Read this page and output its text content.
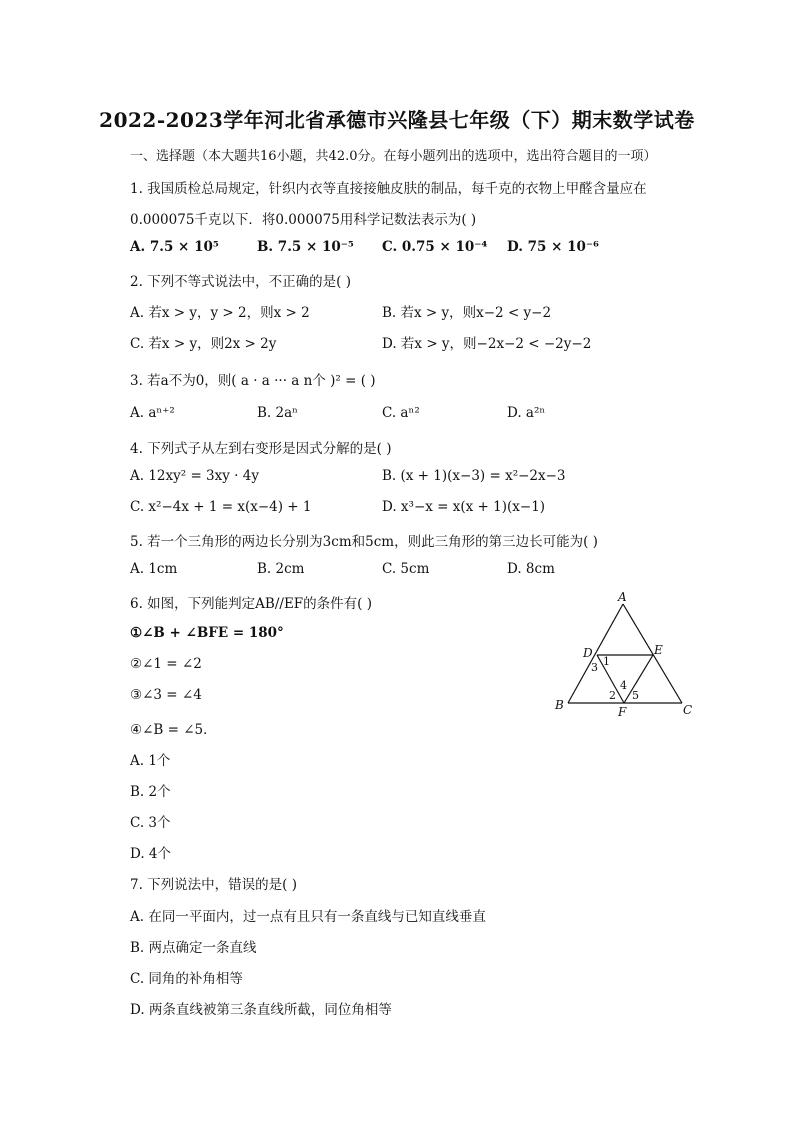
2022-2023学年河北省承德市兴隆县七年级（下）期末数学试卷
一、选择题（本大题共16小题，共42.0分。在每小题列出的选项中，选出符合题目的一项）
1. 我国质检总局规定，针织内衣等直接接触皮肤的制品，每千克的衣物上甲醛含量应在
0.000075千克以下．将0.000075用科学记数法表示为( )
A. 7.5 × 10⁵	B. 7.5 × 10⁻⁵ C. 0.75 × 10⁻⁴ D. 75 × 10⁻⁶
2. 下列不等式说法中，不正确的是( )
A. 若x > y，y > 2，则x > 2	B. 若x > y，则x−2 < y−2
C. 若x > y，则2x > 2y	D. 若x > y，则−2x−2 < −2y−2
3. 若a不为0，则( a · a ··· a n个 )² = ( )
A. aⁿ⁺²	B. 2aⁿ	C. aⁿ²	D. a²ⁿ
4. 下列式子从左到右变形是因式分解的是( )
A. 12xy² = 3xy · 4y	B. (x + 1)(x−3) = x²−2x−3
C. x²−4x + 1 = x(x−4) + 1	D. x³−x = x(x + 1)(x−1)
5. 若一个三角形的两边长分别为3cm和5cm，则此三角形的第三边长可能为( )
A. 1cm	B. 2cm	C. 5cm	D. 8cm
6. 如图，下列能判定AB//EF的条件有( )
①∠B + ∠BFE = 180°
②∠1 = ∠2
③∠3 = ∠4
④∠B = ∠5．
A. 1个
B. 2个
C. 3个
D. 4个
A
B	C
D	E
F
1
3
2
4
5
7. 下列说法中，错误的是( )
A. 在同一平面内，过一点有且只有一条直线与已知直线垂直
B. 两点确定一条直线
C. 同角的补角相等
D. 两条直线被第三条直线所截，同位角相等
